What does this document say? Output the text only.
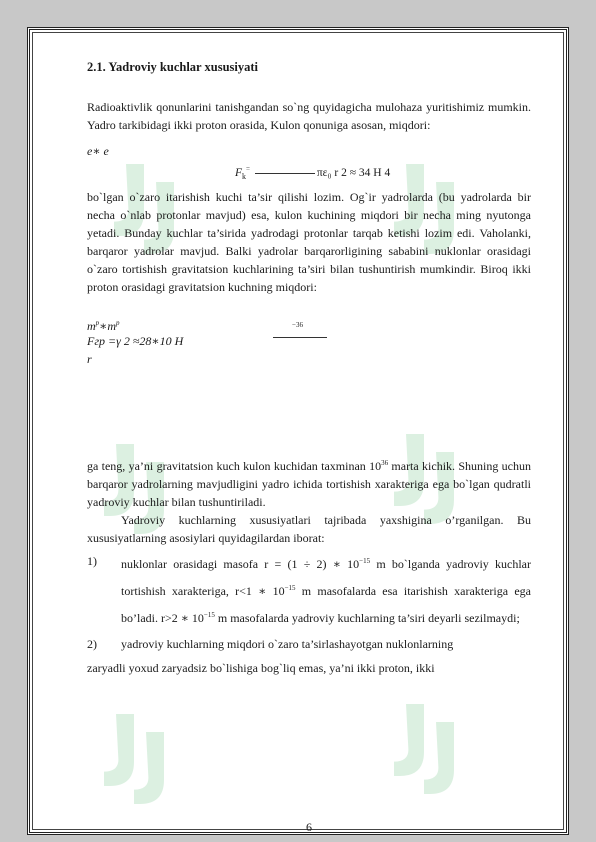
2.1. Yadroviy kuchlar xususiyati

Radioaktivlik qonunlarini tanishgandan so`ng quyidagicha mulohaza yuritishimiz mumkin. Yadro tarkibidagi ikki proton orasida, Kulon qonuniga asosan, miqdori:

e∗ e
$F_k^=$	πε₀ r 2 ≈ 34 H 4

bo`lgan o`zaro itarishish kuchi ta’sir qilishi lozim. Og`ir yadrolarda (bu yadrolarda bir necha o`nlab protonlar mavjud) esa, kulon kuchining miqdori bir necha ming nyutonga yetadi. Bunday kuchlar ta’sirida yadrodagi protonlar tarqab ketishi lozim edi. Vaholanki, barqaror yadrolar mavjud. Balki yadrolar barqarorligining sababini nuklonlar orasidagi o`zaro tortishish gravitatsion kuchlarining ta’siri bilan tushuntirish mumkindir. Biroq ikki proton orasidagi gravitatsion kuchning miqdori:

$m^p∗m^p$
Fгр =γ 2 ≈28∗10 H
r
−36

ga teng, ya’ni gravitatsion kuch kulon kuchidan taxminan $10^{36}$ marta kichik. Shuning uchun barqaror yadrolarning mavjudligini yadro ichida tortishish xarakteriga ega bo`lgan qudratli yadroviy kuchlar bilan tushuntiriladi.

Yadroviy kuchlarning xususiyatlari tajribada yaxshigina o’rganilgan. Bu xususiyatlarning asosiylari quyidagilardan iborat:

1)	nuklonlar orasidagi masofa r = (1 ÷ 2) ∗ $10^{-15}$ m bo`lganda yadroviy kuchlar tortishish xarakteriga, r<1 ∗ $10^{-15}$ m masofalarda esa itarishish xarakteriga ega bo’ladi. r>2 ∗ $10^{-15}$ m masofalarda yadroviy kuchlarning ta’siri deyarli sezilmaydi;
2)	yadroviy kuchlarning miqdori o`zaro ta’sirlashayotgan nuklonlarning
zaryadli yoxud zaryadsiz bo`lishiga bog`liq emas, ya’ni ikki proton, ikki
6
